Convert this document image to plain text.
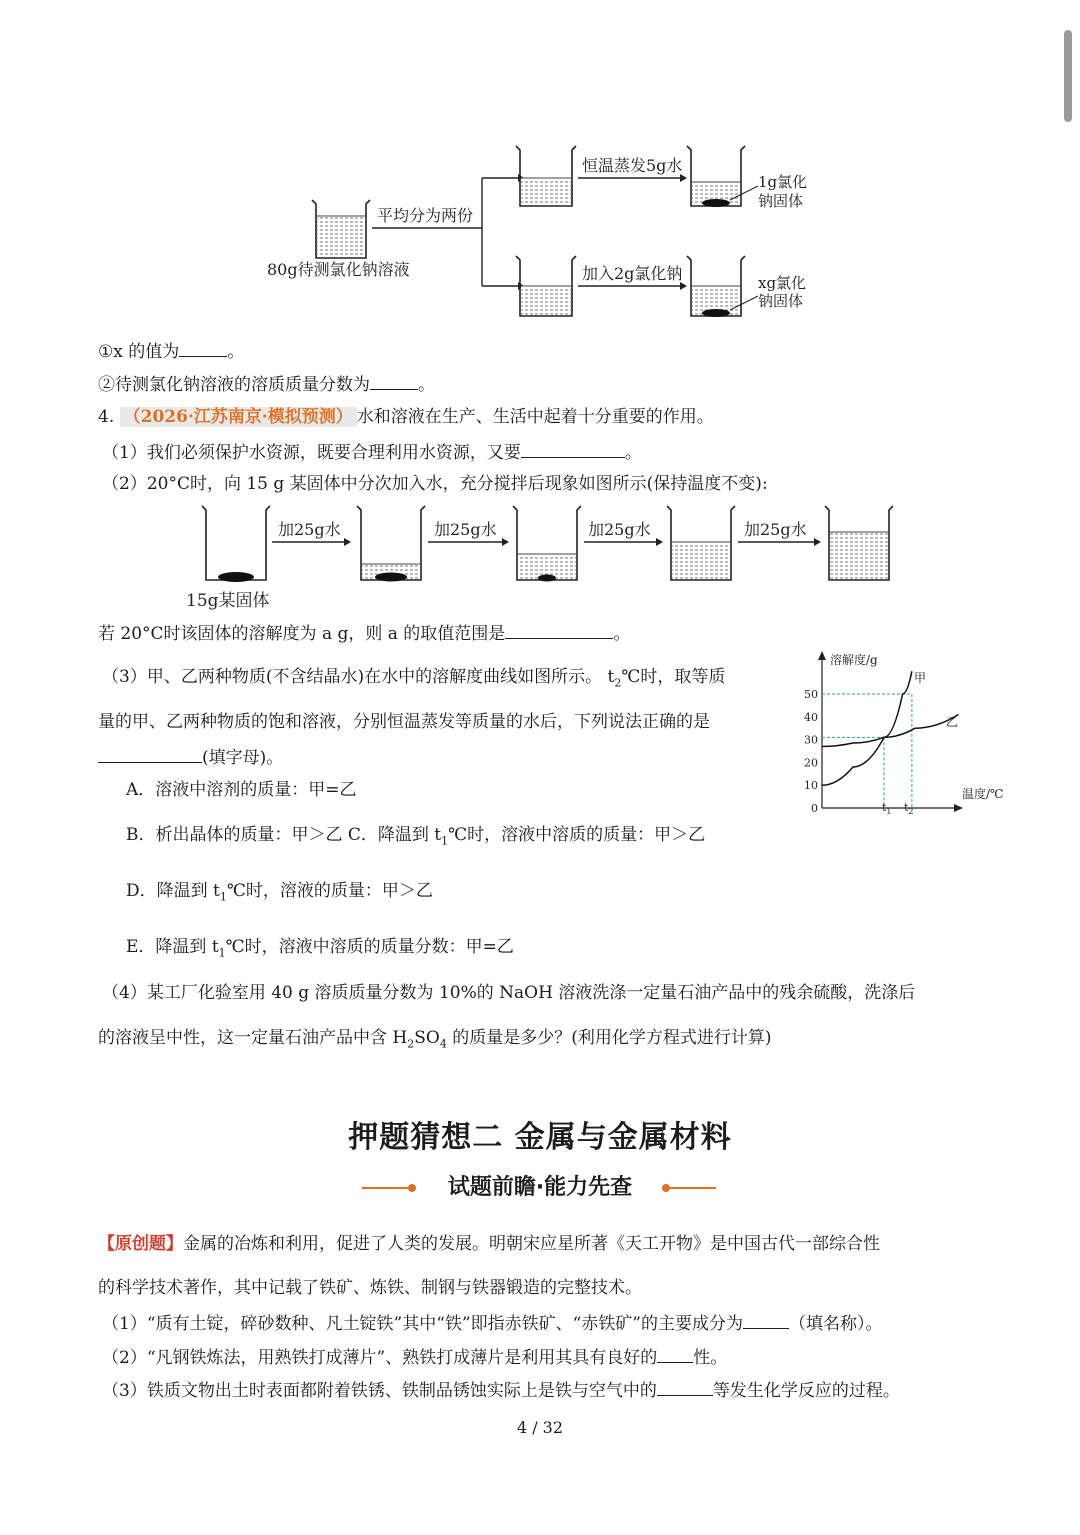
80g待测氯化钠溶液
平均分为两份
恒温蒸发5g水
1g氯化
钠固体
加入2g氯化钠	xg氯化
钠固体
①x 的值为	。
②待测氯化钠溶液的溶质质量分数为	。
4. （2026·江苏南京·模拟预测） 水和溶液在生产、生活中起着十分重要的作用。
（1）我们必须保护水资源，既要合理利用水资源，又要	。
（2）20°C时，向 15 g 某固体中分次加入水，充分搅拌后现象如图所示(保持温度不变):
15g某固体
加25g水	加25g水	加25g水	加25g水
若 20°C时该固体的溶解度为 a g，则 a 的取值范围是	。
（3）甲、乙两种物质(不含结晶水)在水中的溶解度曲线如图所示。 $t_2℃$时，取等质
量的甲、乙两种物质的饱和溶液，分别恒温蒸发等质量的水后，下列说法正确的是
(填字母)。
A．溶液中溶剂的质量：甲=乙
B．析出晶体的质量：甲＞乙 C．降温到 $t_1℃$时，溶液中溶质的质量：甲＞乙
D．降温到 $t_1℃$时，溶液的质量：甲＞乙
E．降温到 $t_1℃$时，溶液中溶质的质量分数：甲=乙
溶解度/g
温度/℃
0
10
20
30
40
50
甲
乙
$t_1$ $t_2$
（4）某工厂化验室用 40 g 溶质质量分数为 10%的 NaOH 溶液洗涤一定量石油产品中的残余硫酸，洗涤后
的溶液呈中性，这一定量石油产品中含 $H_2SO_4$ 的质量是多少？(利用化学方程式进行计算)
押题猜想二 金属与金属材料
试题前瞻·能力先查
【原创题】金属的冶炼和利用，促进了人类的发展。明朝宋应星所著《天工开物》是中国古代一部综合性
的科学技术著作，其中记载了铁矿、炼铁、制钢与铁器锻造的完整技术。
（1）“质有土锭，碎砂数种、凡土锭铁”其中“铁”即指赤铁矿、“赤铁矿”的主要成分为	（填名称）。
（2）“凡钢铁炼法，用熟铁打成薄片”、熟铁打成薄片是利用其具有良好的 性。
（3）铁质文物出土时表面都附着铁锈、铁制品锈蚀实际上是铁与空气中的	等发生化学反应的过程。
4 / 32
